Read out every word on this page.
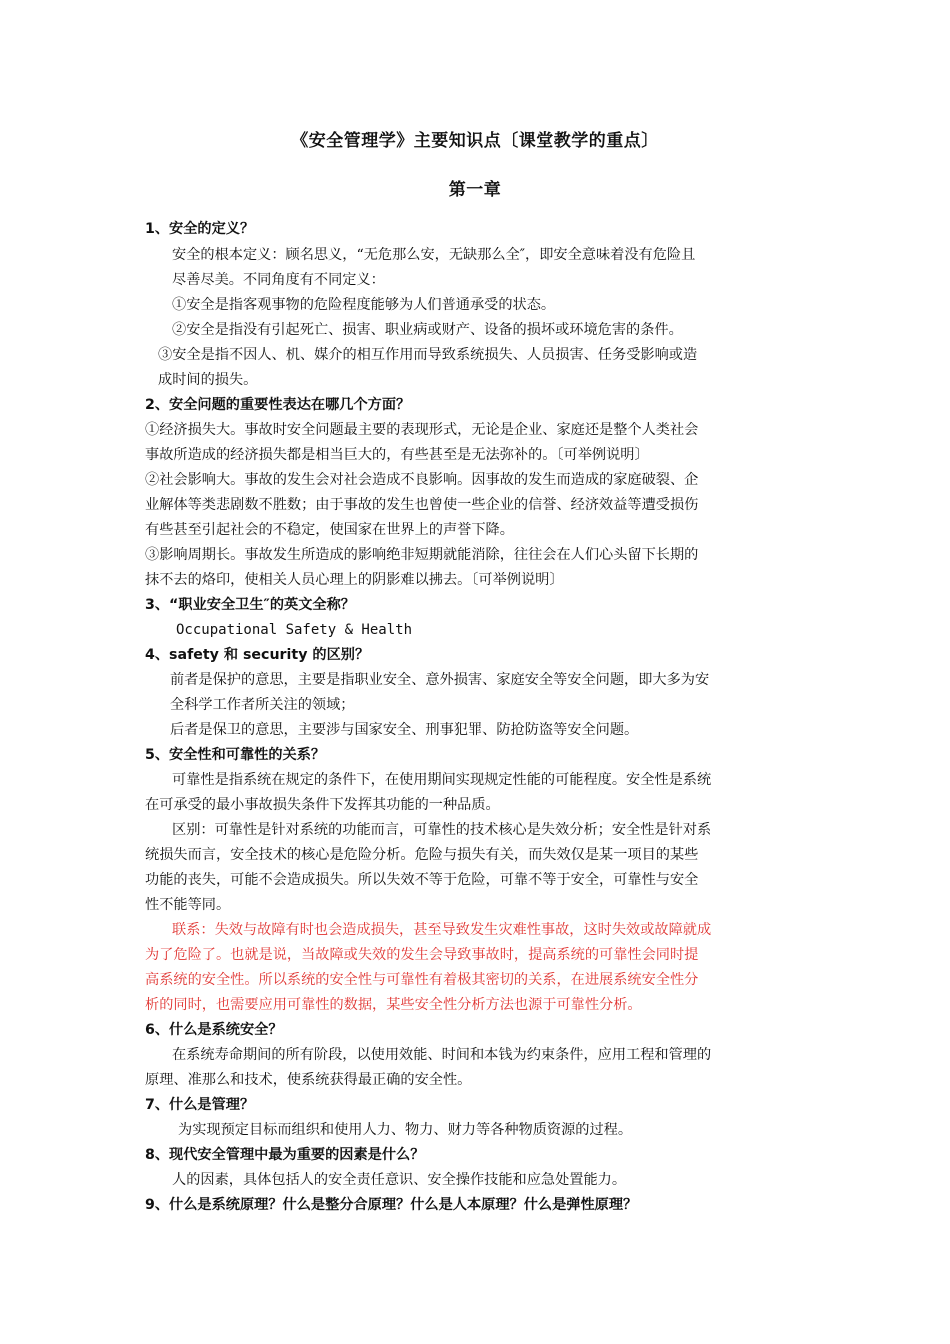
《安全管理学》主要知识点〔课堂教学的重点〕
第一章
1、安全的定义？
安全的根本定义：顾名思义，“无危那么安，无缺那么全″，即安全意味着没有危险且
尽善尽美。不同角度有不同定义：
①安全是指客观事物的危险程度能够为人们普通承受的状态。
②安全是指没有引起死亡、损害、职业病或财产、设备的损坏或环境危害的条件。
③安全是指不因人、机、媒介的相互作用而导致系统损失、人员损害、任务受影响或造
成时间的损失。
2、安全问题的重要性表达在哪几个方面？
①经济损失大。事故时安全问题最主要的表现形式，无论是企业、家庭还是整个人类社会
事故所造成的经济损失都是相当巨大的，有些甚至是无法弥补的。〔可举例说明〕
②社会影响大。事故的发生会对社会造成不良影响。因事故的发生而造成的家庭破裂、企
业解体等类悲剧数不胜数；由于事故的发生也曾使一些企业的信誉、经济效益等遭受损伤
有些甚至引起社会的不稳定，使国家在世界上的声誉下降。
③影响周期长。事故发生所造成的影响绝非短期就能消除，往往会在人们心头留下长期的
抹不去的烙印，使相关人员心理上的阴影难以拂去。〔可举例说明〕
3、“职业安全卫生″的英文全称？
Occupational Safety & Health
4、safety 和 security 的区别？
前者是保护的意思，主要是指职业安全、意外损害、家庭安全等安全问题，即大多为安
全科学工作者所关注的领域；
后者是保卫的意思，主要涉与国家安全、刑事犯罪、防抢防盗等安全问题。
5、安全性和可靠性的关系？
可靠性是指系统在规定的条件下，在使用期间实现规定性能的可能程度。安全性是系统
在可承受的最小事故损失条件下发挥其功能的一种品质。
区别：可靠性是针对系统的功能而言，可靠性的技术核心是失效分析；安全性是针对系
统损失而言，安全技术的核心是危险分析。危险与损失有关，而失效仅是某一项目的某些
功能的丧失，可能不会造成损失。所以失效不等于危险，可靠不等于安全，可靠性与安全
性不能等同。
联系：失效与故障有时也会造成损失，甚至导致发生灾难性事故，这时失效或故障就成
为了危险了。也就是说，当故障或失效的发生会导致事故时，提高系统的可靠性会同时提
高系统的安全性。所以系统的安全性与可靠性有着极其密切的关系，在进展系统安全性分
析的同时，也需要应用可靠性的数据，某些安全性分析方法也源于可靠性分析。
6、什么是系统安全？
在系统寿命期间的所有阶段，以使用效能、时间和本钱为约束条件，应用工程和管理的
原理、准那么和技术，使系统获得最正确的安全性。
7、什么是管理？
为实现预定目标而组织和使用人力、物力、财力等各种物质资源的过程。
8、现代安全管理中最为重要的因素是什么？
人的因素，具体包括人的安全责任意识、安全操作技能和应急处置能力。
9、什么是系统原理？什么是整分合原理？什么是人本原理？什么是弹性原理？
